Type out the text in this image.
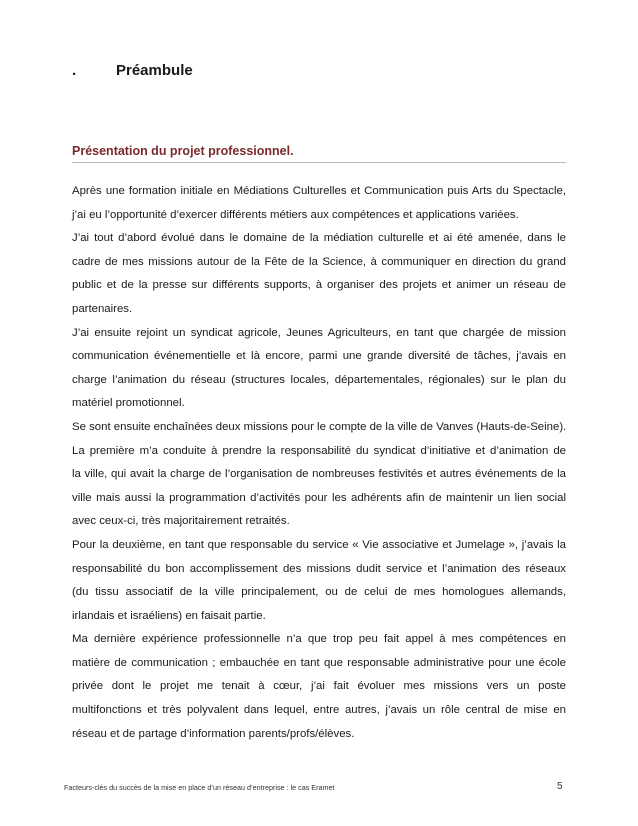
.	Préambule
Présentation du projet professionnel.
Après une formation initiale en Médiations Culturelles et Communication puis Arts du Spectacle,
j’ai eu l’opportunité d’exercer différents métiers aux compétences et applications variées.
J’ai tout d’abord évolué dans le domaine de la médiation culturelle et ai été amenée, dans le
cadre de mes missions autour de la Fête de la Science, à communiquer en direction du grand
public et de la presse sur différents supports, à organiser des projets et animer un réseau de
partenaires.
J’ai ensuite rejoint un syndicat agricole, Jeunes Agriculteurs, en tant que chargée de mission
communication événementielle et là encore, parmi une grande diversité de tâches, j’avais en
charge l’animation du réseau (structures locales, départementales, régionales) sur le plan du
matériel promotionnel.
Se sont ensuite enchaînées deux missions pour le compte de la ville de Vanves (Hauts-de-Seine).
La première m’a conduite à prendre la responsabilité du syndicat d’initiative et d’animation de
la ville, qui avait la charge de l’organisation de nombreuses festivités et autres événements de la
ville mais aussi la programmation d’activités pour les adhérents afin de maintenir un lien social
avec ceux-ci, très majoritairement retraités.
Pour la deuxième, en tant que responsable du service « Vie associative et Jumelage », j’avais la
responsabilité du bon accomplissement des missions dudit service et l’animation des réseaux
(du tissu associatif de la ville principalement, ou de celui de mes homologues allemands,
irlandais et israéliens) en faisait partie.
Ma dernière expérience professionnelle n’a que trop peu fait appel à mes compétences en
matière de communication ; embauchée en tant que responsable administrative pour une école
privée dont le projet me tenait à cœur, j’ai fait évoluer mes missions vers un poste
multifonctions et très polyvalent dans lequel, entre autres, j’avais un rôle central de mise en
réseau et de partage d’information parents/profs/élèves.
Facteurs-clés du succès de la mise en place d’un réseau d’entreprise : le cas Eramet	5
